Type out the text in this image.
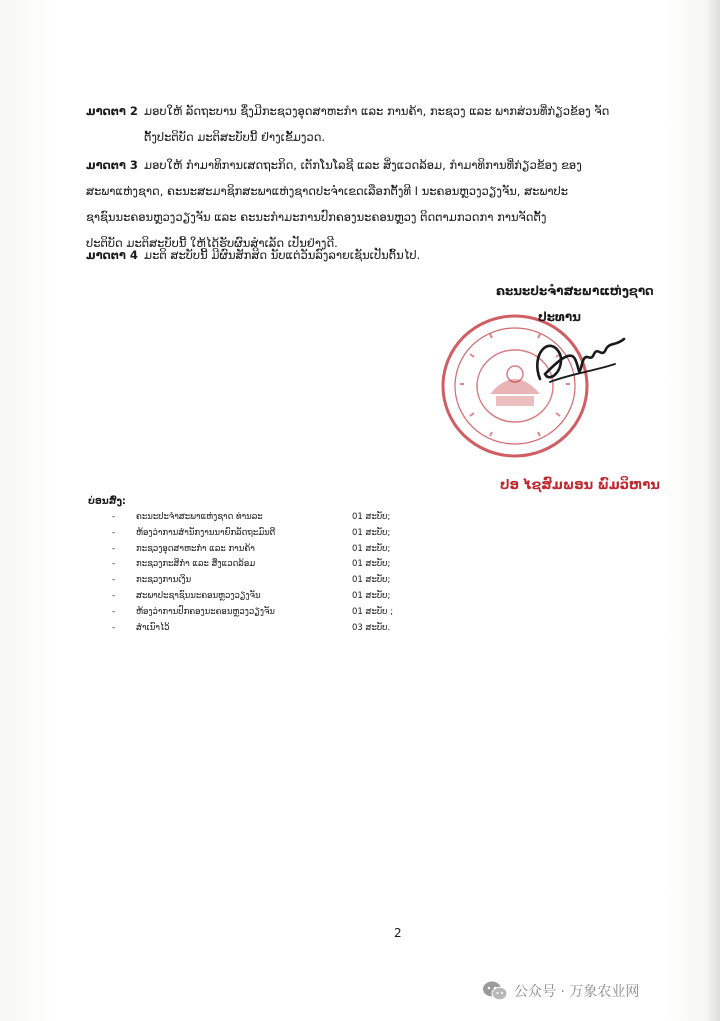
ມາດຕາ 2 ມອບໃຫ້ ລັດຖະບານ ຊຶ່ງມີກະຊວງອຸດສາຫະກໍາ ແລະ ການຄ້າ, ກະຊວງ ແລະ ພາກສ່ວນທີ່ກ່ຽວຂ້ອງ ຈັດ
ຕັ້ງປະຕິບັດ ມະຕິສະບັບນີ້ ຢ່າງເຂັ້ມງວດ.
ມາດຕາ 3 ມອບໃຫ້ ກໍາມາທິການເສດຖະກິດ, ເຕັກໂນໂລຊີ ແລະ ສິ່ງແວດລ້ອມ, ກໍາມາທິການທີ່ກ່ຽວຂ້ອງ ຂອງ
ສະພາແຫ່ງຊາດ, ຄະນະສະມາຊິກສະພາແຫ່ງຊາດປະຈໍາເຂດເລືອກຕັ້ງທີ I ນະຄອນຫຼວງວຽງຈັນ, ສະພາປະ
ຊາຊົນນະຄອນຫຼວງວຽງຈັນ ແລະ ຄະນະກໍາມະການປົກຄອງນະຄອນຫຼວງ ຕິດຕາມກວດກາ ການຈັດຕັ້ງ
ປະຕິບັດ ມະຕິສະບັບນີ້ ໃຫ້ໄດ້ຮັບຜົນສໍາເລັດ ເປັນຢ່າງດີ.
ມາດຕາ 4 ມະຕິ ສະບັບນີ້ ມີຜົນສັກສິດ ນັບແຕ່ວັນລົງລາຍເຊັນເປັນຕົ້ນໄປ.
ຄະນະປະຈໍາສະພາແຫ່ງຊາດ
ປະທານ
ປອ ໄຊສົມພອນ ພົມວິຫານ
ບ່ອນສົ່ງ:
- ຄະນະປະຈໍາສະພາແຫ່ງຊາດ ທ່ານລະ	01 ສະບັບ;
- ຫ້ອງວ່າການສໍານັກງານນາຍົກລັດຖະມົນຕີ	01 ສະບັບ;
- ກະຊວງອຸດສາຫະກໍາ ແລະ ການຄ້າ	01 ສະບັບ;
- ກະຊວງກະສິກໍາ ແລະ ສິ່ງແວດລ້ອມ	01 ສະບັບ;
- ກະຊວງການເງິນ	01 ສະບັບ;
- ສະພາປະຊາຊົນນະຄອນຫຼວງວຽງຈັນ	01 ສະບັບ;
- ຫ້ອງວ່າການປົກຄອງນະຄອນຫຼວງວຽງຈັນ	01 ສະບັບ ;
- ສໍາເນົາໄວ້	03 ສະບັບ.
2
公众号 · 万象农业网
